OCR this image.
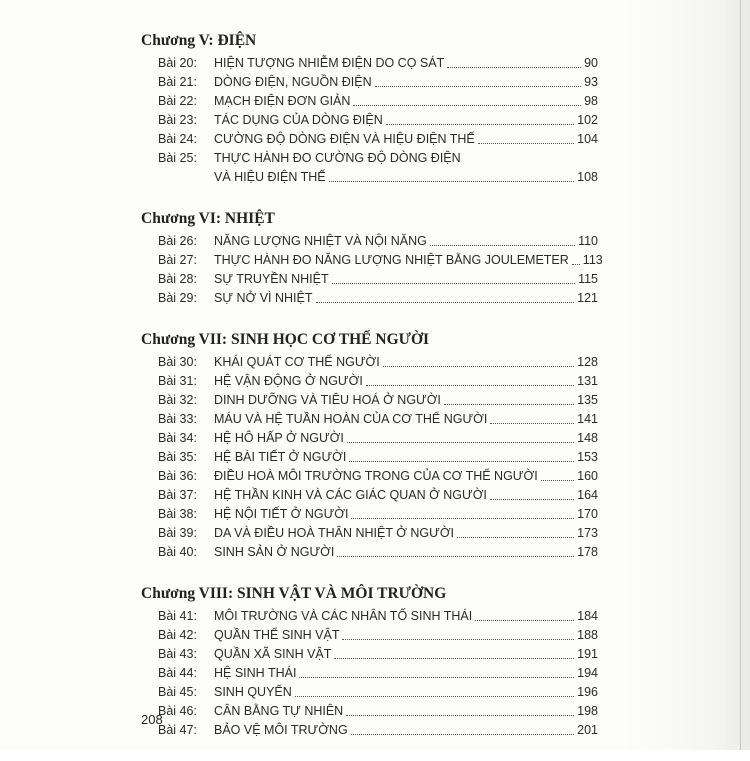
Chương V: ĐIỆN
Bài 20:	HIỆN TƯỢNG NHIỄM ĐIỆN DO CỌ SÁT	90
Bài 21:	DÒNG ĐIỆN, NGUỒN ĐIỆN	93
Bài 22:	MẠCH ĐIỆN ĐƠN GIẢN	98
Bài 23:	TÁC DỤNG CỦA DÒNG ĐIỆN	102
Bài 24:	CƯỜNG ĐỘ DÒNG ĐIỆN VÀ HIỆU ĐIỆN THẾ	104
Bài 25:	THỰC HÀNH ĐO CƯỜNG ĐỘ DÒNG ĐIỆN
VÀ HIỆU ĐIỆN THẾ	108
Chương VI: NHIỆT
Bài 26:	NĂNG LƯỢNG NHIỆT VÀ NỘI NĂNG	110
Bài 27:	THỰC HÀNH ĐO NĂNG LƯỢNG NHIỆT BẰNG JOULEMETER 113
Bài 28:	SỰ TRUYỀN NHIỆT	115
Bài 29:	SỰ NỞ VÌ NHIỆT	121
Chương VII: SINH HỌC CƠ THỂ NGƯỜI
Bài 30:	KHÁI QUÁT CƠ THỂ NGƯỜI	128
Bài 31:	HỆ VẬN ĐỘNG Ở NGƯỜI	131
Bài 32:	DINH DƯỠNG VÀ TIÊU HOÁ Ở NGƯỜI	135
Bài 33:	MÁU VÀ HỆ TUẦN HOÀN CỦA CƠ THỂ NGƯỜI	141
Bài 34:	HỆ HÔ HẤP Ở NGƯỜI	148
Bài 35:	HỆ BÀI TIẾT Ở NGƯỜI	153
Bài 36:	ĐIỀU HOÀ MÔI TRƯỜNG TRONG CỦA CƠ THỂ NGƯỜI	160
Bài 37:	HỆ THẦN KINH VÀ CÁC GIÁC QUAN Ở NGƯỜI	164
Bài 38:	HỆ NỘI TIẾT Ở NGƯỜI	170
Bài 39:	DA VÀ ĐIỀU HOÀ THÂN NHIỆT Ở NGƯỜI	173
Bài 40:	SINH SẢN Ở NGƯỜI	178
Chương VIII: SINH VẬT VÀ MÔI TRƯỜNG
Bài 41:	MÔI TRƯỜNG VÀ CÁC NHÂN TỐ SINH THÁI	184
Bài 42:	QUẦN THỂ SINH VẬT	188
Bài 43:	QUẦN XÃ SINH VẬT	191
Bài 44:	HỆ SINH THÁI	194
Bài 45:	SINH QUYỂN	196
Bài 46:	CÂN BẰNG TỰ NHIÊN	198
Bài 47:	BẢO VỆ MÔI TRƯỜNG	201
208
